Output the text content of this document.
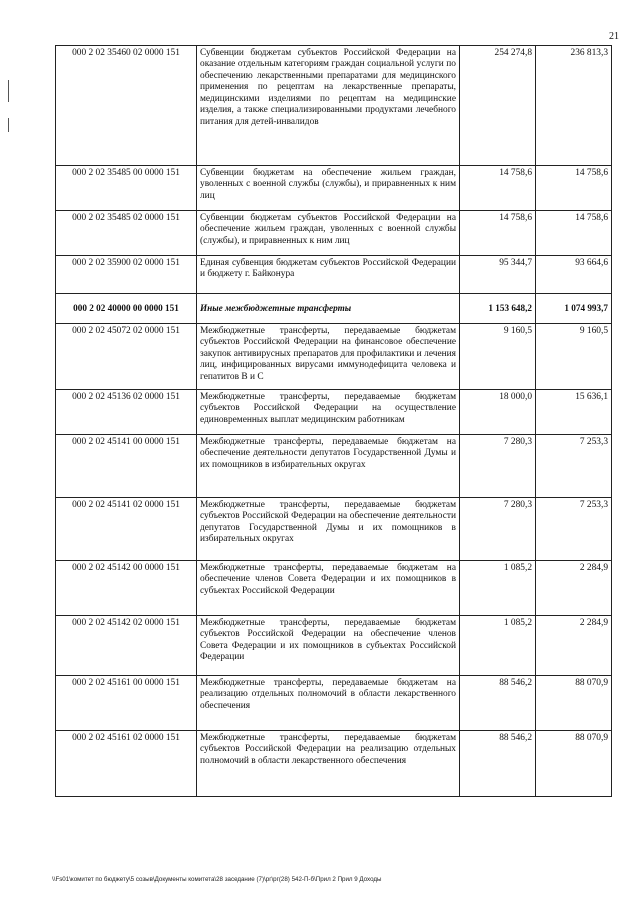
21
000 2 02 35460 02 0000 151	Субвенции бюджетам субъектов Российской Федерации на оказание отдельным категориям граждан социальной услуги по обеспечению лекарственными препаратами для медицинского применения по рецептам на лекарственные препараты, медицинскими изделиями по рецептам на медицинские изделия, а также специализированными продуктами лечебного питания для детей-инвалидов	254 274,8	236 813,3
000 2 02 35485 00 0000 151	Субвенции бюджетам на обеспечение жильем граждан, уволенных с военной службы (службы), и приравненных к ним лиц	14 758,6	14 758,6
000 2 02 35485 02 0000 151	Субвенции бюджетам субъектов Российской Федерации на обеспечение жильем граждан, уволенных с военной службы (службы), и приравненных к ним лиц	14 758,6	14 758,6
000 2 02 35900 02 0000 151	Единая субвенция бюджетам субъектов Российской Федерации и бюджету г. Байконура	95 344,7	93 664,6
000 2 02 40000 00 0000 151	Иные межбюджетные трансферты	1 153 648,2	1 074 993,7
000 2 02 45072 02 0000 151	Межбюджетные трансферты, передаваемые бюджетам субъектов Российской Федерации на финансовое обеспечение закупок антивирусных препаратов для профилактики и лечения лиц, инфицированных вирусами иммунодефицита человека и гепатитов В и С	9 160,5	9 160,5
000 2 02 45136 02 0000 151	Межбюджетные трансферты, передаваемые бюджетам субъектов Российской Федерации на осуществление единовременных выплат медицинским работникам	18 000,0	15 636,1
000 2 02 45141 00 0000 151	Межбюджетные трансферты, передаваемые бюджетам на обеспечение деятельности депутатов Государственной Думы и их помощников в избирательных округах	7 280,3	7 253,3
000 2 02 45141 02 0000 151	Межбюджетные трансферты, передаваемые бюджетам субъектов Российской Федерации на обеспечение деятельности депутатов Государственной Думы и их помощников в избирательных округах	7 280,3	7 253,3
000 2 02 45142 00 0000 151	Межбюджетные трансферты, передаваемые бюджетам на обеспечение членов Совета Федерации и их помощников в субъектах Российской Федерации	1 085,2	2 284,9
000 2 02 45142 02 0000 151	Межбюджетные трансферты, передаваемые бюджетам субъектов Российской Федерации на обеспечение членов Совета Федерации и их помощников в субъектах Российской Федерации	1 085,2	2 284,9
000 2 02 45161 00 0000 151	Межбюджетные трансферты, передаваемые бюджетам на реализацию отдельных полномочий в области лекарственного обеспечения	88 546,2	88 070,9
000 2 02 45161 02 0000 151	Межбюджетные трансферты, передаваемые бюджетам субъектов Российской Федерации на реализацию отдельных полномочий в области лекарственного обеспечения	88 546,2	88 070,9
\\Fs01\комитет по бюджету\5 созыв\Документы комитета\28 заседание (7)\рг\рг(28) 542-П-б\Прил 2 Прил 9 Доходы
